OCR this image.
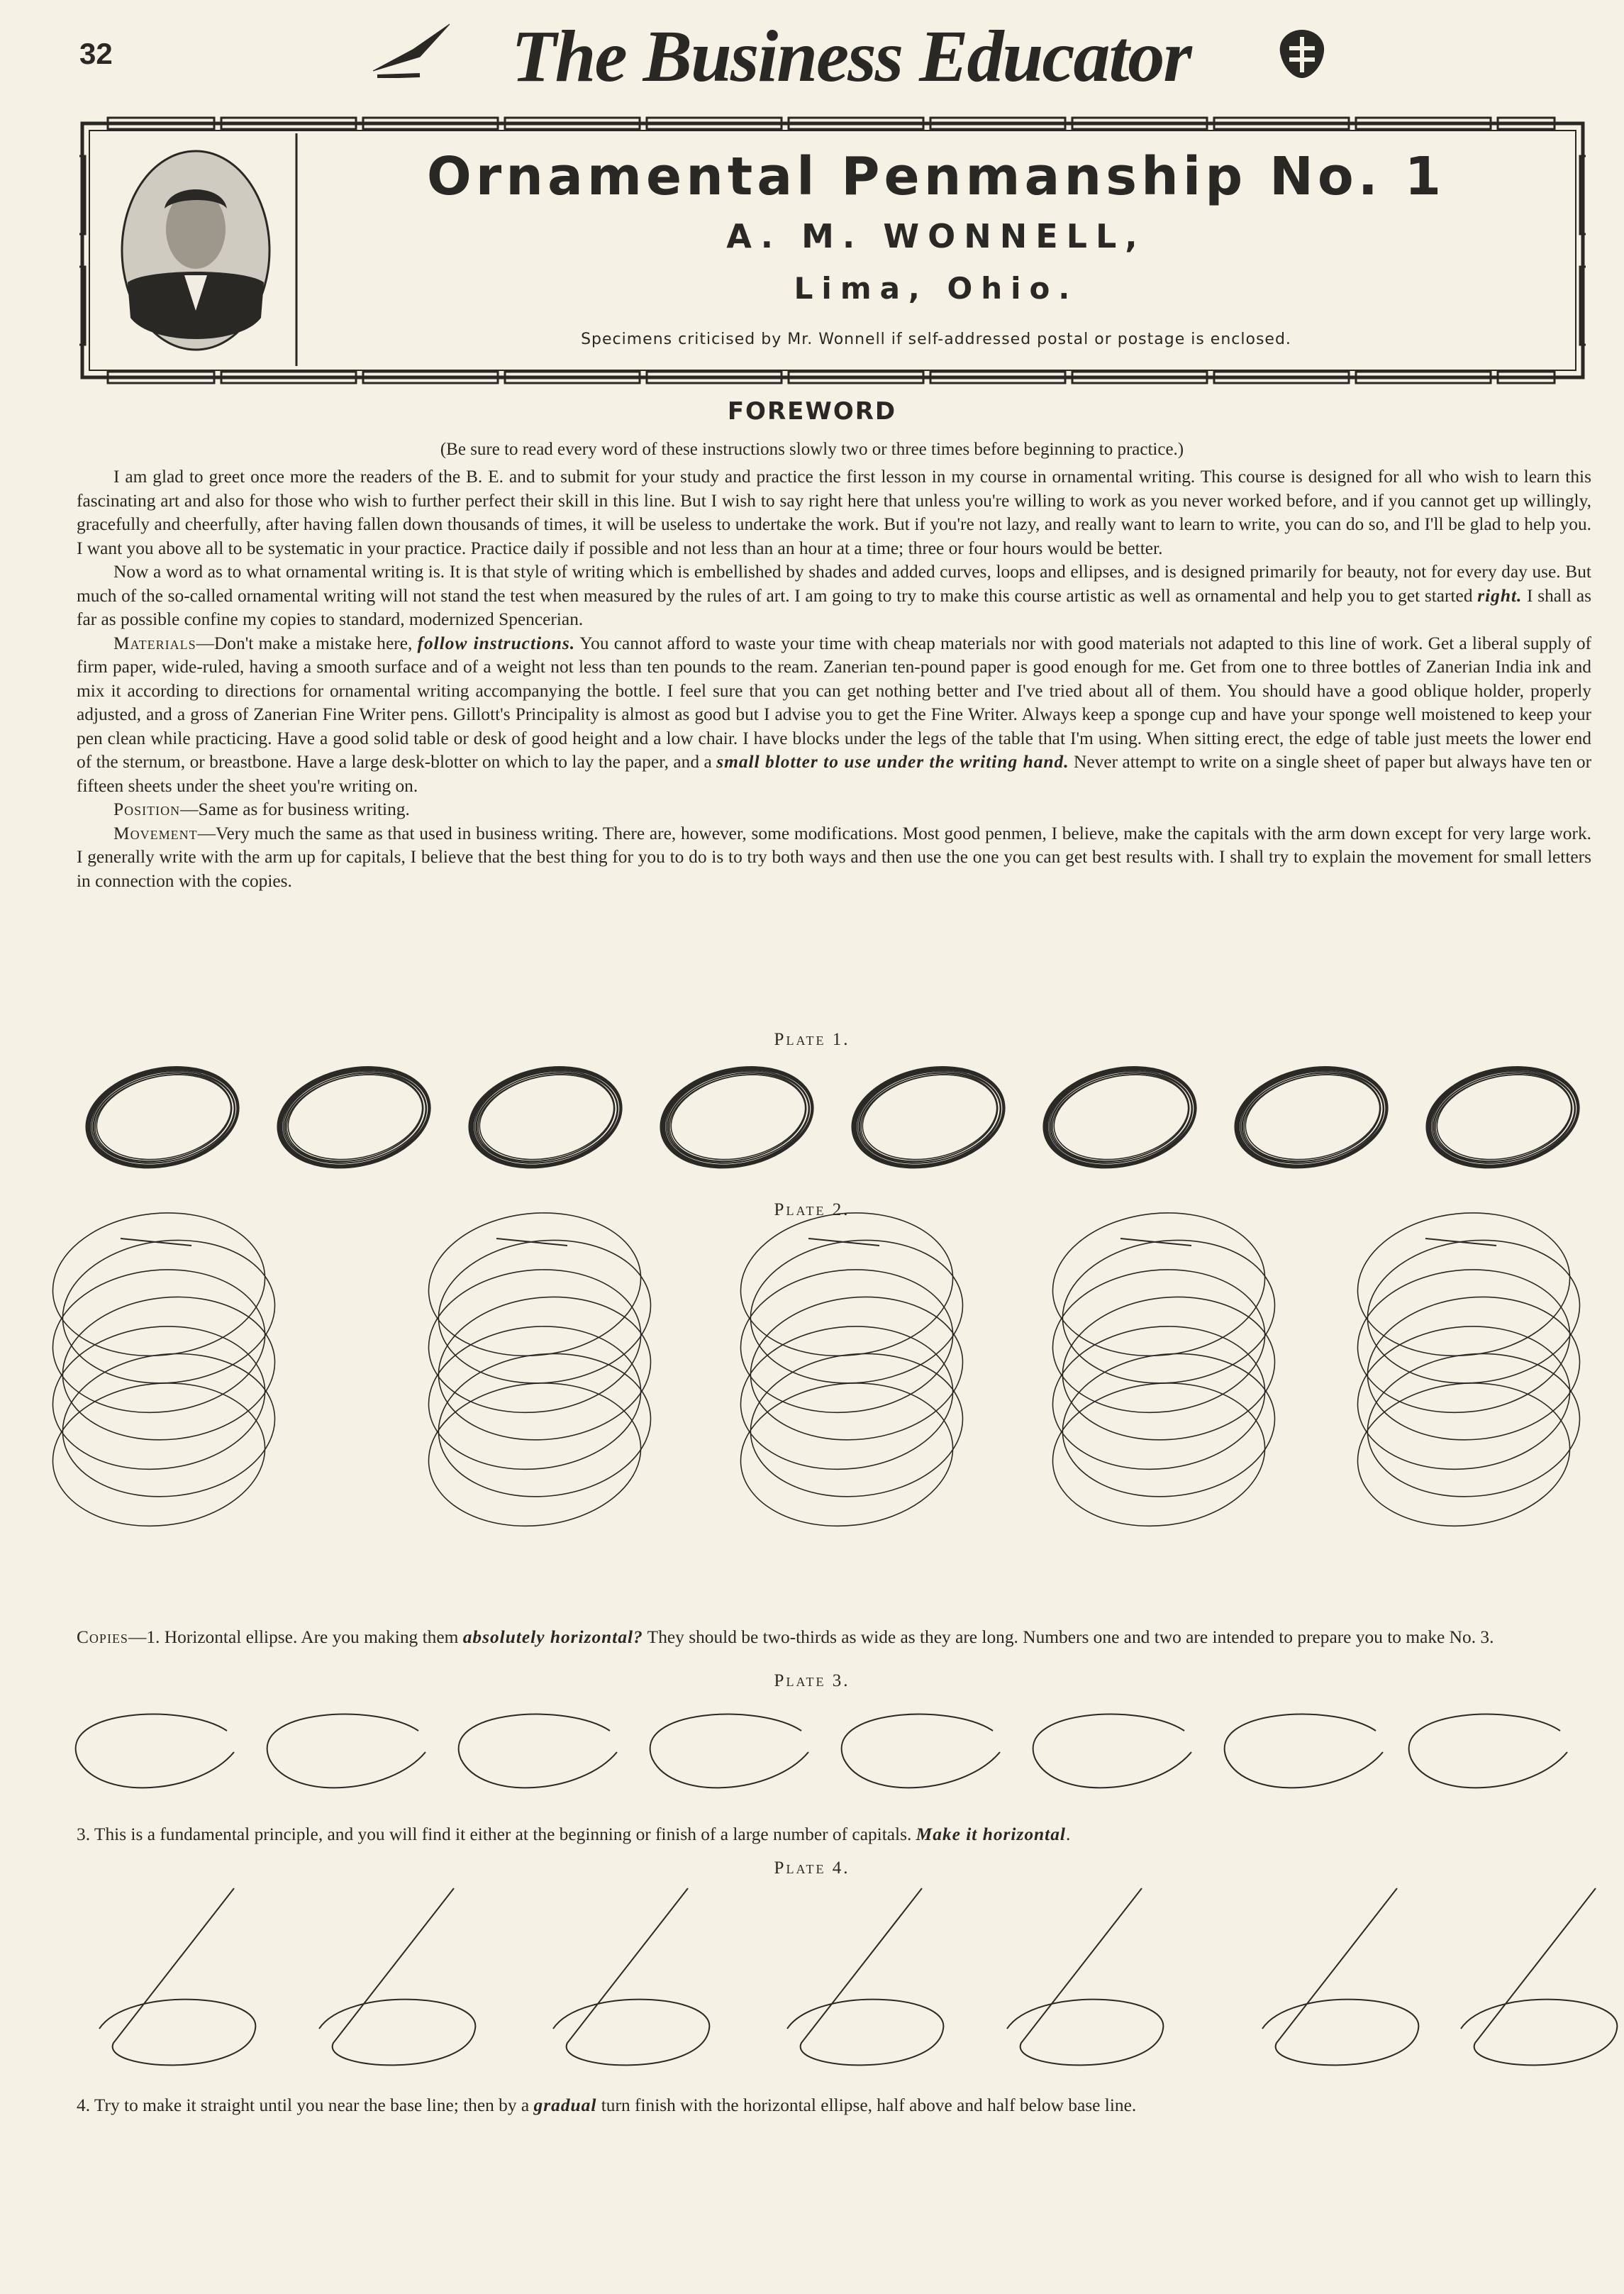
32	The Business Educator
Ornamental Penmanship No. 1
A. M. WONNELL,
Lima, Ohio.
Specimens criticised by Mr. Wonnell if self-addressed postal or postage is enclosed.
FOREWORD
(Be sure to read every word of these instructions slowly two or three times before beginning to practice.)

I am glad to greet once more the readers of the B. E. and to submit for your study and practice the first lesson in my course in ornamental writing. This course is designed for all who wish to learn this fascinating art and also for those who wish to further perfect their skill in this line. But I wish to say right here that unless you're willing to work as you never worked before, and if you cannot get up willingly, gracefully and cheerfully, after having fallen down thousands of times, it will be useless to undertake the work. But if you're not lazy, and really want to learn to write, you can do so, and I'll be glad to help you. I want you above all to be systematic in your practice. Practice daily if possible and not less than an hour at a time; three or four hours would be better.

Now a word as to what ornamental writing is. It is that style of writing which is embellished by shades and added curves, loops and ellipses, and is designed primarily for beauty, not for every day use. But much of the so-called ornamental writing will not stand the test when measured by the rules of art. I am going to try to make this course artistic as well as ornamental and help you to get started right. I shall as far as possible confine my copies to standard, modernized Spencerian.

Materials—Don't make a mistake here, follow instructions. You cannot afford to waste your time with cheap materials nor with good materials not adapted to this line of work. Get a liberal supply of firm paper, wide-ruled, having a smooth surface and of a weight not less than ten pounds to the ream. Zanerian ten-pound paper is good enough for me. Get from one to three bottles of Zanerian India ink and mix it according to directions for ornamental writing accompanying the bottle. I feel sure that you can get nothing better and I've tried about all of them. You should have a good oblique holder, properly adjusted, and a gross of Zanerian Fine Writer pens. Gillott's Principality is almost as good but I advise you to get the Fine Writer. Always keep a sponge cup and have your sponge well moistened to keep your pen clean while practicing. Have a good solid table or desk of good height and a low chair. I have blocks under the legs of the table that I'm using. When sitting erect, the edge of table just meets the lower end of the sternum, or breastbone. Have a large desk-blotter on which to lay the paper, and a small blotter to use under the writing hand. Never attempt to write on a single sheet of paper but always have ten or fifteen sheets under the sheet you're writing on.

Position—Same as for business writing.

Movement—Very much the same as that used in business writing. There are, however, some modifications. Most good penmen, I believe, make the capitals with the arm down except for very large work. I generally write with the arm up for capitals, I believe that the best thing for you to do is to try both ways and then use the one you can get best results with. I shall try to explain the movement for small letters in connection with the copies.

Plate 1.
Plate 2.
Copies—1. Horizontal ellipse. Are you making them absolutely horizontal? They should be two-thirds as wide as they are long. Numbers one and two are intended to prepare you to make No. 3.
Plate 3.
3. This is a fundamental principle, and you will find it either at the beginning or finish of a large number of capitals. Make it horizontal.
Plate 4.
4. Try to make it straight until you near the base line; then by a gradual turn finish with the horizontal ellipse, half above and half below base line.
